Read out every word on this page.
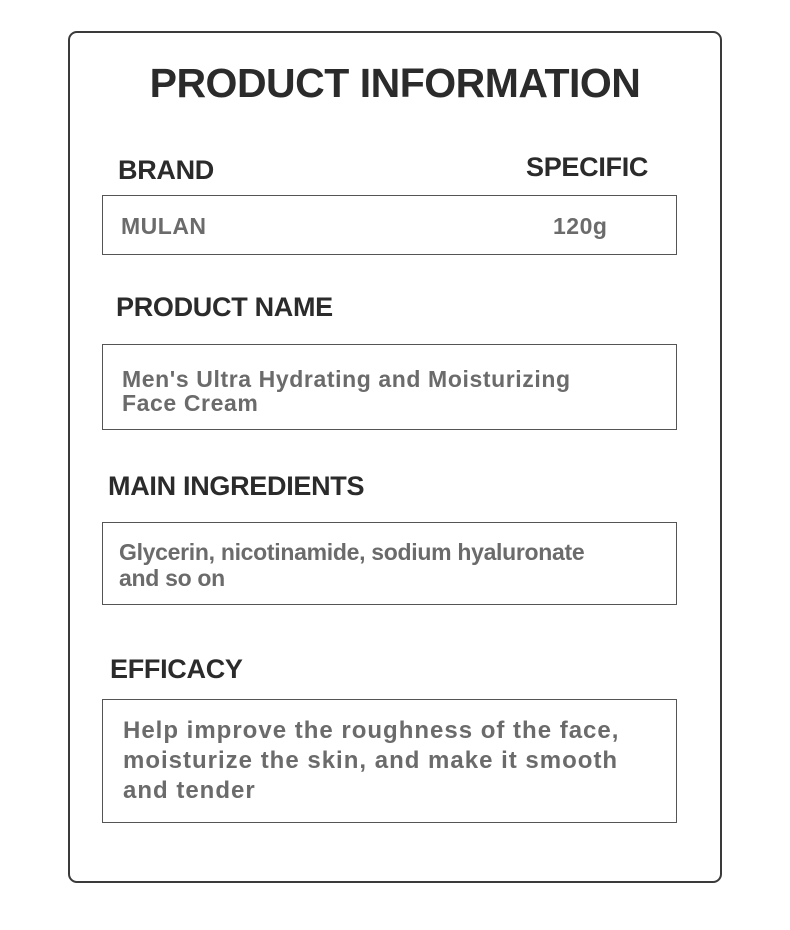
PRODUCT INFORMATION
BRAND	SPECIFIC
MULAN	120g
PRODUCT NAME
Men's Ultra Hydrating and Moisturizing
Face Cream
MAIN INGREDIENTS
Glycerin, nicotinamide, sodium hyaluronate
and so on
EFFICACY
Help improve the roughness of the face,
moisturize the skin, and make it smooth
and tender
